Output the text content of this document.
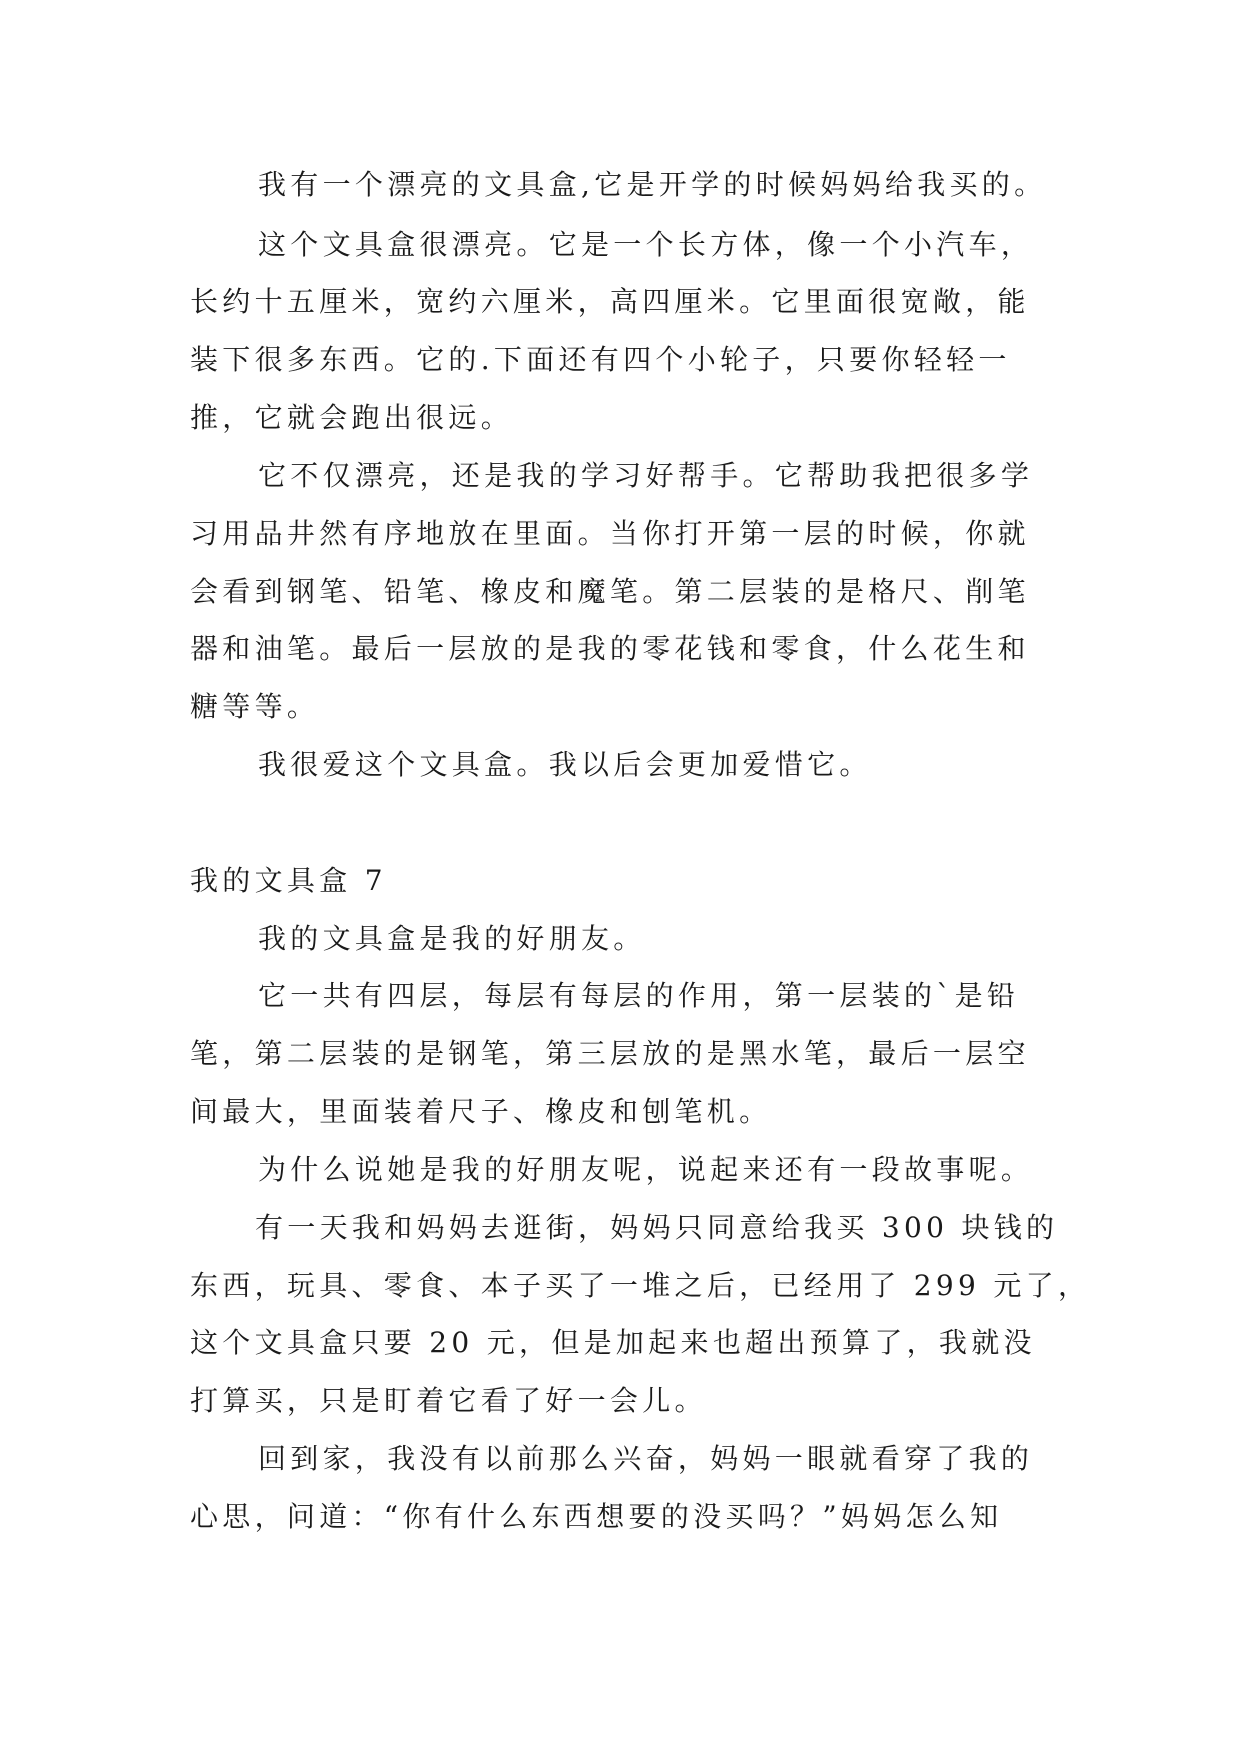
我有一个漂亮的文具盒,它是开学的时候妈妈给我买的。
这个文具盒很漂亮。它是一个长方体，像一个小汽车，
长约十五厘米，宽约六厘米，高四厘米。它里面很宽敞，能
装下很多东西。它的.下面还有四个小轮子，只要你轻轻一
推，它就会跑出很远。
它不仅漂亮，还是我的学习好帮手。它帮助我把很多学
习用品井然有序地放在里面。当你打开第一层的时候，你就
会看到钢笔、铅笔、橡皮和魔笔。第二层装的是格尺、削笔
器和油笔。最后一层放的是我的零花钱和零食，什么花生和
糖等等。
我很爱这个文具盒。我以后会更加爱惜它。
我的文具盒 7
我的文具盒是我的好朋友。
它一共有四层，每层有每层的作用，第一层装的`是铅
笔，第二层装的是钢笔，第三层放的是黑水笔，最后一层空
间最大，里面装着尺子、橡皮和刨笔机。
为什么说她是我的好朋友呢，说起来还有一段故事呢。
有一天我和妈妈去逛街，妈妈只同意给我买 300 块钱的
东西，玩具、零食、本子买了一堆之后，已经用了 299 元了，
这个文具盒只要 20 元，但是加起来也超出预算了，我就没
打算买，只是盯着它看了好一会儿。
回到家，我没有以前那么兴奋，妈妈一眼就看穿了我的
心思，问道：“你有什么东西想要的没买吗？”妈妈怎么知
